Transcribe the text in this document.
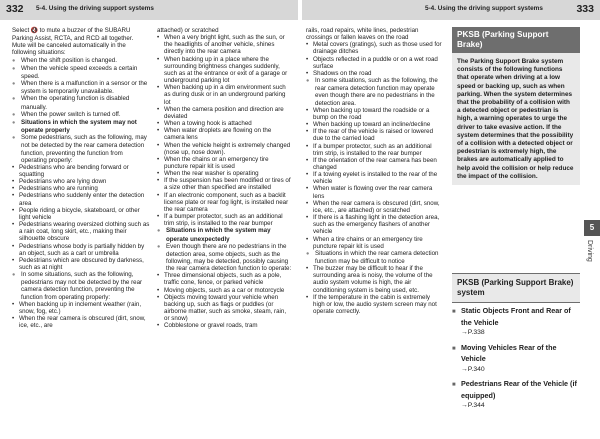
332 5-4. Using the driving support systems	5-4. Using the driving support systems	333

Select 🔇 to mute a buzzer of the SUBARU Parking Assist, RCTA, and RCD all together.

Mute will be canceled automatically in the following situations:

● When the shift position is changed.

● When the vehicle speed exceeds a certain speed.

● When there is a malfunction in a sensor or the system is temporarily unavailable.

● When the operating function is disabled manually.

● When the power switch is turned off.

● Situations in which the system may not operate properly

● Some pedestrians, such as the following, may not be detected by the rear camera detection function, preventing the function from operating properly:

• Pedestrians who are bending forward or squatting

• Pedestrians who are lying down

• Pedestrians who are running

• Pedestrians who suddenly enter the detection area

• People riding a bicycle, skateboard, or other light vehicle

• Pedestrians wearing oversized clothing such as a rain coat, long skirt, etc., making their silhouette obscure

• Pedestrians whose body is partially hidden by an object, such as a cart or umbrella

• Pedestrians which are obscured by darkness, such as at night

● In some situations, such as the following, pedestrians may not be detected by the rear camera detection function, preventing the function from operating properly:

• When backing up in inclement weather (rain, snow, fog, etc.)

• When the rear camera is obscured (dirt, snow, ice, etc., are

attached) or scratched

• When a very bright light, such as the sun, or the headlights of another vehicle, shines directly into the rear camera

• When backing up in a place where the surrounding brightness changes suddenly, such as at the entrance or exit of a garage or underground parking lot

• When backing up in a dim environment such as during dusk or in an underground parking lot

• When the camera position and direction are deviated

• When a towing hook is attached

• When water droplets are flowing on the camera lens

• When the vehicle height is extremely changed (nose up, nose down).

• When the chains or an emergency tire puncture repair kit is used

• When the rear washer is operating

• If the suspension has been modified or tires of a size other than specified are installed

• If an electronic component, such as a backlit license plate or rear fog light, is installed near the rear camera

• If a bumper protector, such as an additional trim strip, is installed to the rear bumper

● Situations in which the system may operate unexpectedly

● Even though there are no pedestrians in the detection area, some objects, such as the following, may be detected, possibly causing the rear camera detection function to operate:

• Three dimensional objects, such as a pole, traffic cone, fence, or parked vehicle

• Moving objects, such as a car or motorcycle

• Objects moving toward your vehicle when backing up, such as flags or puddles (or airborne matter, such as smoke, steam, rain, or snow)

• Cobblestone or gravel roads, tram

rails, road repairs, white lines, pedestrian crossings or fallen leaves on the road

• Metal covers (gratings), such as those used for drainage ditches

• Objects reflected in a puddle or on a wet road surface

• Shadows on the road

● In some situations, such as the following, the rear camera detection function may operate even though there are no pedestrians in the detection area.

• When backing up toward the roadside or a bump on the road

• When backing up toward an incline/decline

• If the rear of the vehicle is raised or lowered due to the carried load

• If a bumper protector, such as an additional trim strip, is installed to the rear bumper

• If the orientation of the rear camera has been changed

• If a towing eyelet is installed to the rear of the vehicle

• When water is flowing over the rear camera lens

• When the rear camera is obscured (dirt, snow, ice, etc., are attached) or scratched

• If there is a flashing light in the detection area, such as the emergency flashers of another vehicle

• When a tire chains or an emergency tire puncture repair kit is used

● Situations in which the rear camera detection function may be difficult to notice

• The buzzer may be difficult to hear if the surrounding area is noisy, the volume of the audio system volume is high, the air conditioning system is being used, etc.

• If the temperature in the cabin is extremely high or low, the audio system screen may not operate correctly.

PKSB (Parking Support Brake)
The Parking Support Brake system consists of the following functions that operate when driving at a low speed or backing up, such as when parking. When the system determines that the probability of a collision with a detected object or pedestrian is high, a warning operates to urge the driver to take evasive action. If the system determines that the possibility of a collision with a detected object or pedestrian is extremely high, the brakes are automatically applied to help avoid the collision or help reduce the impact of the collision.
PKSB (Parking Support Brake) system
■ Static Objects Front and Rear of the Vehicle
→P.338
■ Moving Vehicles Rear of the Vehicle
→P.340
■ Pedestrians Rear of the Vehicle (if equipped)
→P.344
5
Driving
